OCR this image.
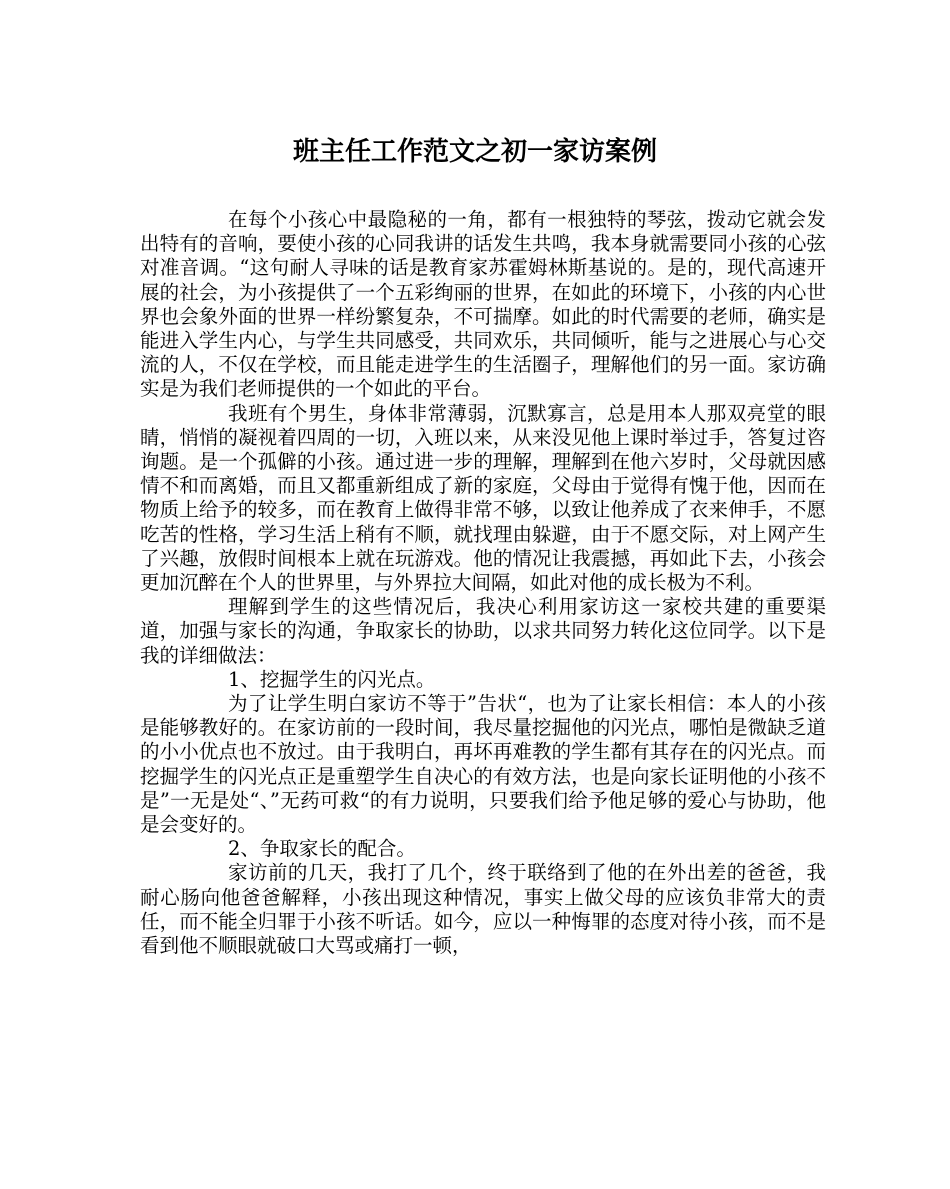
班主任工作范文之初一家访案例

在每个小孩心中最隐秘的一角，都有一根独特的琴弦，拨动它就会发出特有的音响，要使小孩的心同我讲的话发生共鸣，我本身就需要同小孩的心弦对准音调。“这句耐人寻味的话是教育家苏霍姆林斯基说的。是的，现代高速开展的社会，为小孩提供了一个五彩绚丽的世界，在如此的环境下，小孩的内心世界也会象外面的世界一样纷繁复杂，不可揣摩。如此的时代需要的老师，确实是能进入学生内心，与学生共同感受，共同欢乐，共同倾听，能与之进展心与心交流的人，不仅在学校，而且能走进学生的生活圈子，理解他们的另一面。家访确实是为我们老师提供的一个如此的平台。

我班有个男生，身体非常薄弱，沉默寡言，总是用本人那双亮堂的眼睛，悄悄的凝视着四周的一切，入班以来，从来没见他上课时举过手，答复过咨询题。是一个孤僻的小孩。通过进一步的理解，理解到在他六岁时，父母就因感情不和而离婚，而且又都重新组成了新的家庭，父母由于觉得有愧于他，因而在物质上给予的较多，而在教育上做得非常不够，以致让他养成了衣来伸手，不愿吃苦的性格，学习生活上稍有不顺，就找理由躲避，由于不愿交际，对上网产生了兴趣，放假时间根本上就在玩游戏。他的情况让我震撼，再如此下去，小孩会更加沉醉在个人的世界里，与外界拉大间隔，如此对他的成长极为不利。

理解到学生的这些情况后，我决心利用家访这一家校共建的重要渠道，加强与家长的沟通，争取家长的协助，以求共同努力转化这位同学。以下是我的详细做法：

1、挖掘学生的闪光点。

为了让学生明白家访不等于”告状“，也为了让家长相信：本人的小孩是能够教好的。在家访前的一段时间，我尽量挖掘他的闪光点，哪怕是微缺乏道的小小优点也不放过。由于我明白，再坏再难教的学生都有其存在的闪光点。而挖掘学生的闪光点正是重塑学生自决心的有效方法，也是向家长证明他的小孩不是”一无是处“、”无药可救“的有力说明，只要我们给予他足够的爱心与协助，他是会变好的。

2、争取家长的配合。

家访前的几天，我打了几个，终于联络到了他的在外出差的爸爸，我耐心肠向他爸爸解释，小孩出现这种情况，事实上做父母的应该负非常大的责任，而不能全归罪于小孩不听话。如今，应以一种悔罪的态度对待小孩，而不是看到他不顺眼就破口大骂或痛打一顿，
